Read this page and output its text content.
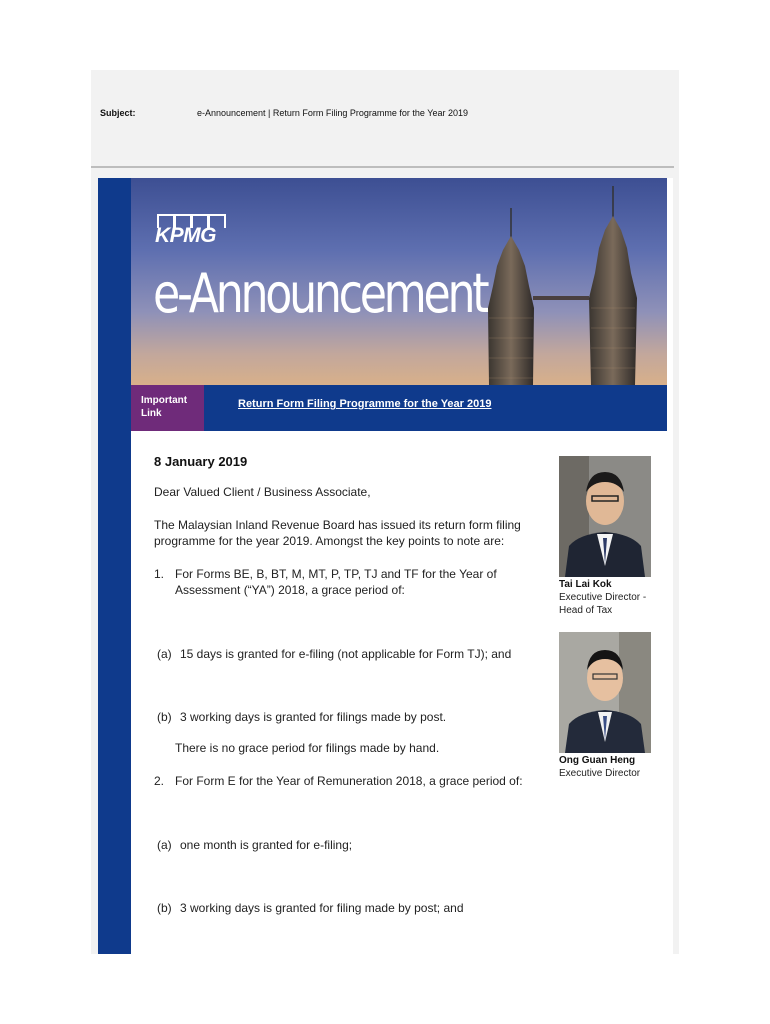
Subject:	e-Announcement | Return Form Filing Programme for the Year 2019
KPMG
e-Announcement
Important Link
Return Form Filing Programme for the Year 2019
8 January 2019
Dear Valued Client / Business Associate,
The Malaysian Inland Revenue Board has issued its return form filing programme for the year 2019. Amongst the key points to note are:
1. For Forms BE, B, BT, M, MT, P, TP, TJ and TF for the Year of Assessment (“YA”) 2018, a grace period of:
(a) 15 days is granted for e-filing (not applicable for Form TJ); and
(b) 3 working days is granted for filings made by post.
There is no grace period for filings made by hand.
2. For Form E for the Year of Remuneration 2018, a grace period of:
(a) one month is granted for e-filing;
(b) 3 working days is granted for filing made by post; and
Tai Lai Kok
Executive Director - Head of Tax
Ong Guan Heng
Executive Director
